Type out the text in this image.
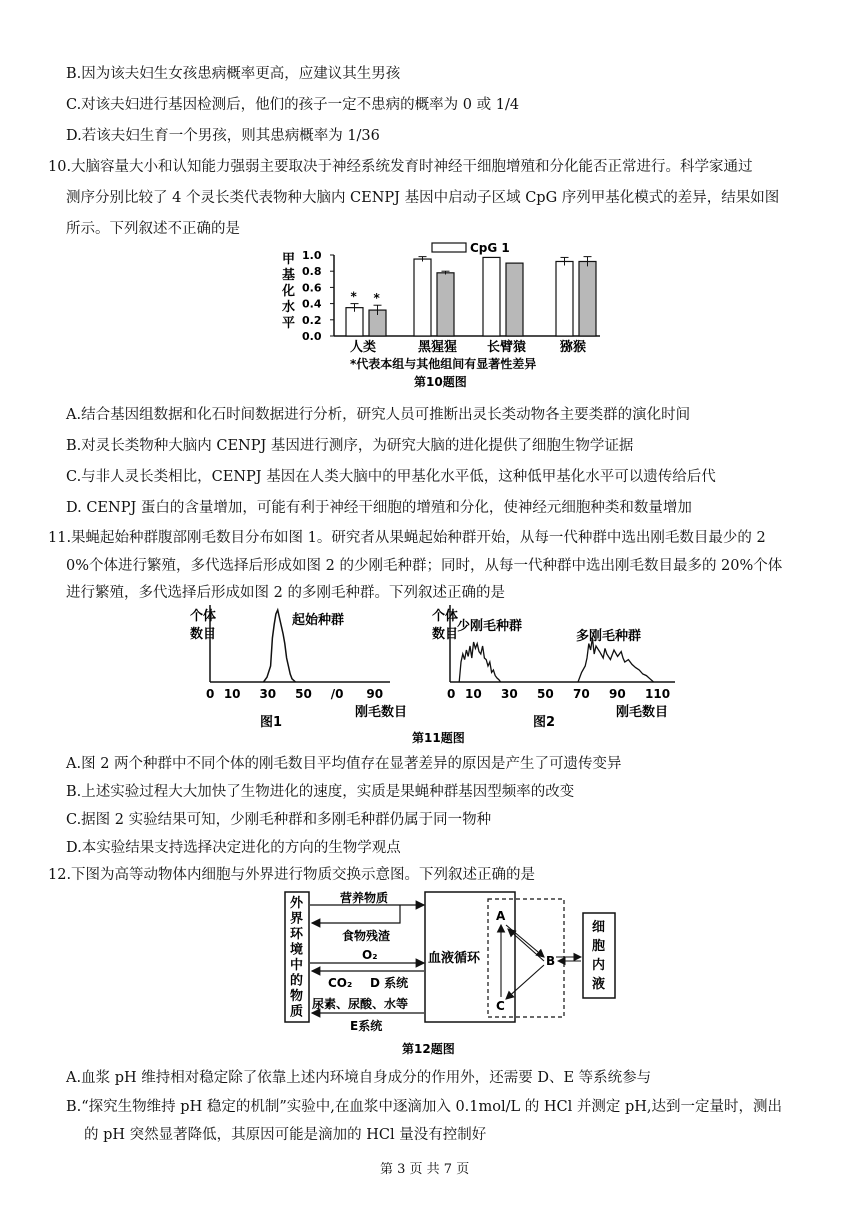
B.因为该夫妇生女孩患病概率更高，应建议其生男孩
C.对该夫妇进行基因检测后，他们的孩子一定不患病的概率为 0 或 1/4
D.若该夫妇生育一个男孩，则其患病概率为 1/36
10.大脑容量大小和认知能力强弱主要取决于神经系统发育时神经干细胞增殖和分化能否正常进行。科学家通过
测序分别比较了 4 个灵长类代表物种大脑内 CENPJ 基因中启动子区域 CpG 序列甲基化模式的差异，结果如图
所示。下列叙述不正确的是
甲
基
化
水
平
0.0
0.2
0.4
0.6
0.8
1.0
* *
CpG 1
人类	黑猩猩 长臂猿	猕猴
*代表本组与其他组间有显著性差异
第10题图
A.结合基因组数据和化石时间数据进行分析，研究人员可推断出灵长类动物各主要类群的演化时间
B.对灵长类物种大脑内 CENPJ 基因进行测序，为研究大脑的进化提供了细胞生物学证据
C.与非人灵长类相比，CENPJ 基因在人类大脑中的甲基化水平低，这种低甲基化水平可以遗传给后代
D. CENPJ 蛋白的含量增加，可能有利于神经干细胞的增殖和分化，使神经元细胞种类和数量增加
11.果蝇起始种群腹部刚毛数目分布如图 1。研究者从果蝇起始种群开始，从每一代种群中选出刚毛数目最少的 2
0%个体进行繁殖，多代选择后形成如图 2 的少刚毛种群；同时，从每一代种群中选出刚毛数目最多的 20%个体
进行繁殖，多代选择后形成如图 2 的多刚毛种群。下列叙述正确的是
个体
数目
起始种群
0 10 30 50 /0 90
刚毛数目
图1
个体
数目
少刚毛种群
多刚毛种群
0 10 30 50 70 90 110
刚毛数目
图2
第11题图
A.图 2 两个种群中不同个体的刚毛数目平均值存在显著差异的原因是产生了可遗传变异
B.上述实验过程大大加快了生物进化的速度，实质是果蝇种群基因型频率的改变
C.据图 2 实验结果可知，少刚毛种群和多刚毛种群仍属于同一物种
D.本实验结果支持选择决定进化的方向的生物学观点
12.下图为高等动物体内细胞与外界进行物质交换示意图。下列叙述正确的是
外
界
环
境
中
的
物
质
血液循环
细
胞
内
液
营养物质
食物残渣
O₂
CO₂ D 系统
尿素、尿酸、水等
E系统
A
B
C
第12题图
A.血浆 pH 维持相对稳定除了依靠上述内环境自身成分的作用外，还需要 D、E 等系统参与
B.“探究生物维持 pH 稳定的机制”实验中,在血浆中逐滴加入 0.1mol/L 的 HCl 并测定 pH,达到一定量时，测出
的 pH 突然显著降低，其原因可能是滴加的 HCl 量没有控制好
第 3 页 共 7 页
